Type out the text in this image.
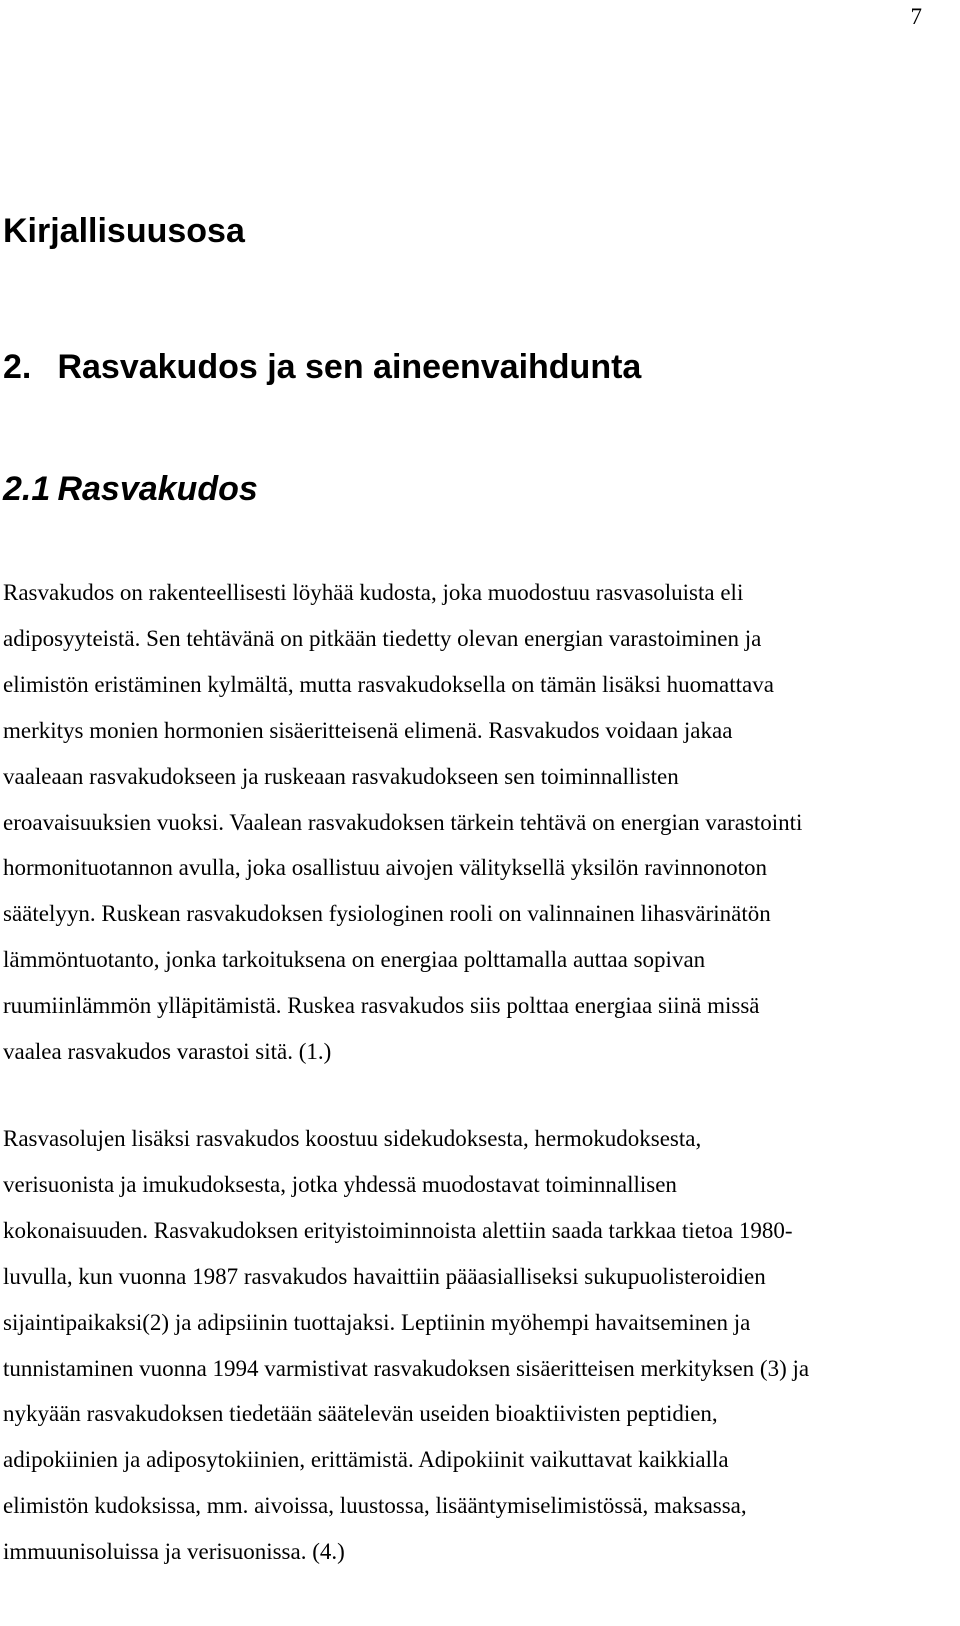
7
Kirjallisuusosa
2. Rasvakudos ja sen aineenvaihdunta
2.1 Rasvakudos

Rasvakudos on rakenteellisesti löyhää kudosta, joka muodostuu rasvasoluista eli
adiposyyteistä. Sen tehtävänä on pitkään tiedetty olevan energian varastoiminen ja
elimistön eristäminen kylmältä, mutta rasvakudoksella on tämän lisäksi huomattava
merkitys monien hormonien sisäeritteisenä elimenä. Rasvakudos voidaan jakaa
vaaleaan rasvakudokseen ja ruskeaan rasvakudokseen sen toiminnallisten
eroavaisuuksien vuoksi. Vaalean rasvakudoksen tärkein tehtävä on energian varastointi
hormonituotannon avulla, joka osallistuu aivojen välityksellä yksilön ravinnonoton
säätelyyn. Ruskean rasvakudoksen fysiologinen rooli on valinnainen lihasvärinätön
lämmöntuotanto, jonka tarkoituksena on energiaa polttamalla auttaa sopivan
ruumiinlämmön ylläpitämistä. Ruskea rasvakudos siis polttaa energiaa siinä missä
vaalea rasvakudos varastoi sitä. (1.)

Rasvasolujen lisäksi rasvakudos koostuu sidekudoksesta, hermokudoksesta,
verisuonista ja imukudoksesta, jotka yhdessä muodostavat toiminnallisen
kokonaisuuden. Rasvakudoksen erityistoiminnoista alettiin saada tarkkaa tietoa 1980-
luvulla, kun vuonna 1987 rasvakudos havaittiin pääasialliseksi sukupuolisteroidien
sijaintipaikaksi(2) ja adipsiinin tuottajaksi. Leptiinin myöhempi havaitseminen ja
tunnistaminen vuonna 1994 varmistivat rasvakudoksen sisäeritteisen merkityksen (3) ja
nykyään rasvakudoksen tiedetään säätelevän useiden bioaktiivisten peptidien,
adipokiinien ja adiposytokiinien, erittämistä. Adipokiinit vaikuttavat kaikkialla
elimistön kudoksissa, mm. aivoissa, luustossa, lisääntymiselimistössä, maksassa,
immuunisoluissa ja verisuonissa. (4.)
